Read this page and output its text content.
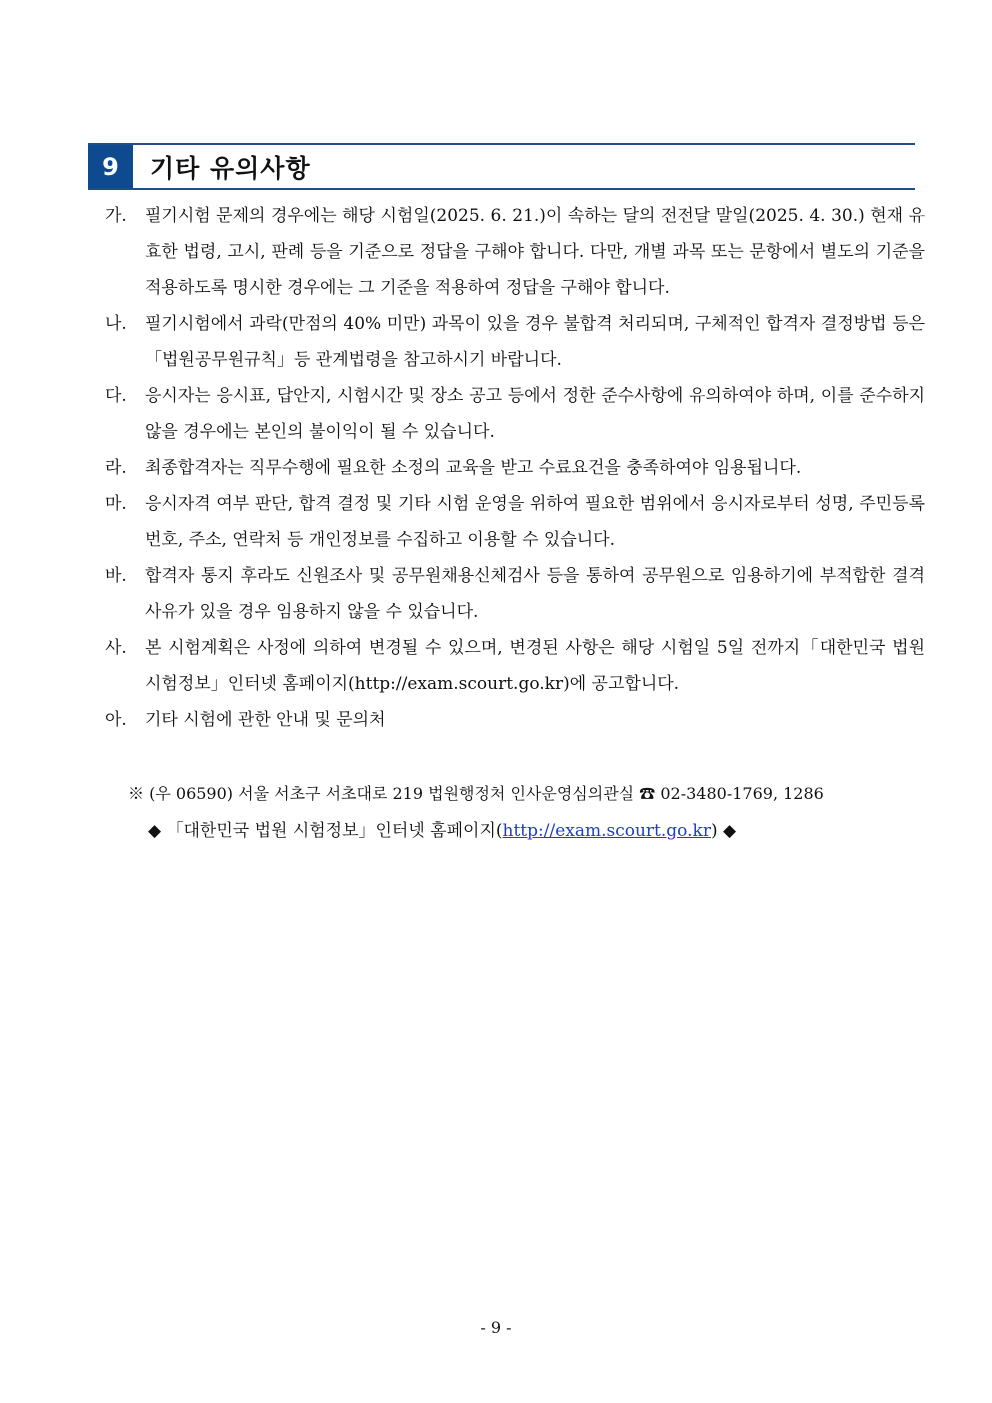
9	기타 유의사항
가. 필기시험 문제의 경우에는 해당 시험일(2025. 6. 21.)이 속하는 달의 전전달 말일(2025. 4. 30.) 현재 유효한 법령, 고시, 판례 등을 기준으로 정답을 구해야 합니다. 다만, 개별 과목 또는 문항에서 별도의 기준을 적용하도록 명시한 경우에는 그 기준을 적용하여 정답을 구해야 합니다.
나. 필기시험에서 과락(만점의 40% 미만) 과목이 있을 경우 불합격 처리되며, 구체적인 합격자 결정방법 등은 「법원공무원규칙」등 관계법령을 참고하시기 바랍니다.
다. 응시자는 응시표, 답안지, 시험시간 및 장소 공고 등에서 정한 준수사항에 유의하여야 하며, 이를 준수하지 않을 경우에는 본인의 불이익이 될 수 있습니다.
라. 최종합격자는 직무수행에 필요한 소정의 교육을 받고 수료요건을 충족하여야 임용됩니다.
마. 응시자격 여부 판단, 합격 결정 및 기타 시험 운영을 위하여 필요한 범위에서 응시자로부터 성명, 주민등록번호, 주소, 연락처 등 개인정보를 수집하고 이용할 수 있습니다.
바. 합격자 통지 후라도 신원조사 및 공무원채용신체검사 등을 통하여 공무원으로 임용하기에 부적합한 결격사유가 있을 경우 임용하지 않을 수 있습니다.
사. 본 시험계획은 사정에 의하여 변경될 수 있으며, 변경된 사항은 해당 시험일 5일 전까지「대한민국 법원 시험정보」인터넷 홈페이지(http://exam.scourt.go.kr)에 공고합니다.
아. 기타 시험에 관한 안내 및 문의처
※ (우 06590) 서울 서초구 서초대로 219 법원행정처 인사운영심의관실 ☎ 02-3480-1769, 1286
◆ 「대한민국 법원 시험정보」인터넷 홈페이지(http://exam.scourt.go.kr) ◆
- 9 -
